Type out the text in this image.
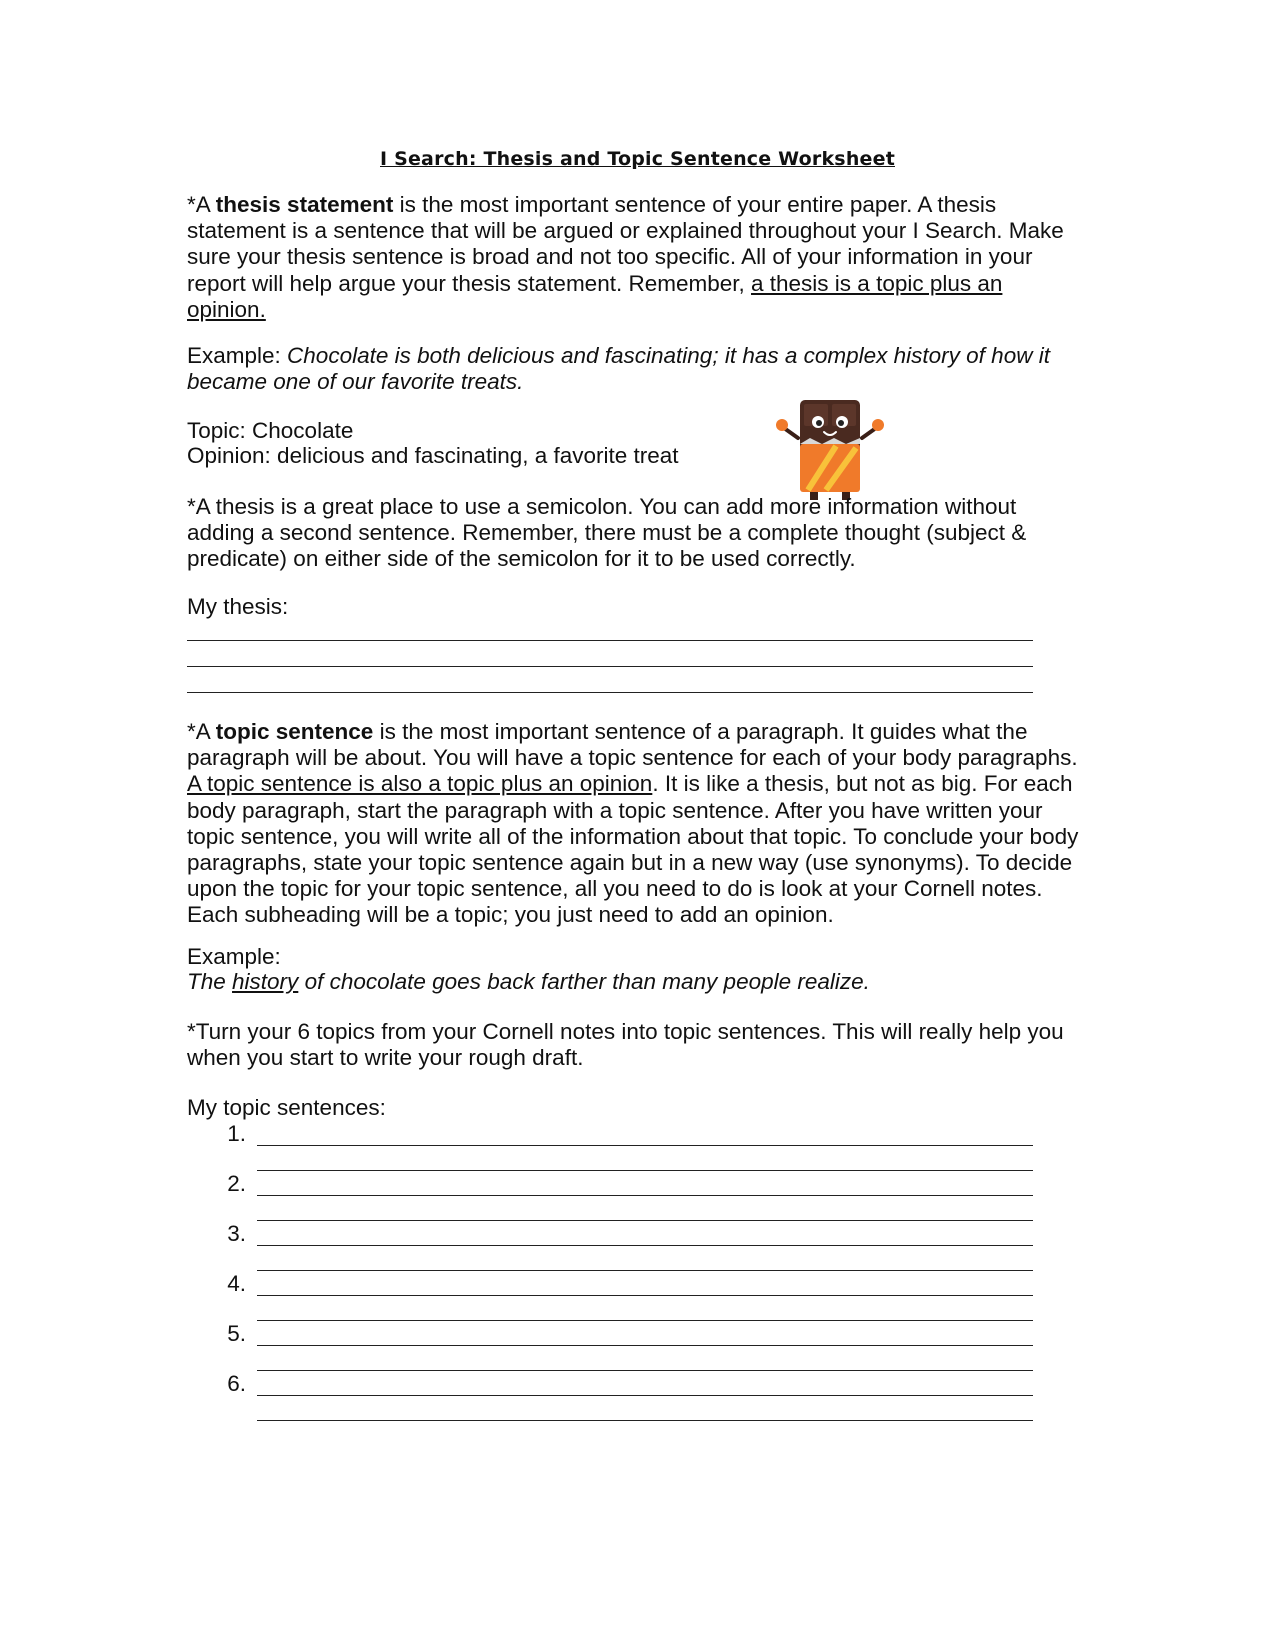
I Search: Thesis and Topic Sentence Worksheet

*A thesis statement is the most important sentence of your entire paper. A thesis statement is a sentence that will be argued or explained throughout your I Search. Make sure your thesis sentence is broad and not too specific. All of your information in your report will help argue your thesis statement. Remember, a thesis is a topic plus an opinion.

Example: Chocolate is both delicious and fascinating; it has a complex history of how it became one of our favorite treats.

Topic: Chocolate

Opinion: delicious and fascinating, a favorite treat

*A thesis is a great place to use a semicolon. You can add more information without adding a second sentence. Remember, there must be a complete thought (subject & predicate) on either side of the semicolon for it to be used correctly.

My thesis:

*A topic sentence is the most important sentence of a paragraph. It guides what the paragraph will be about. You will have a topic sentence for each of your body paragraphs. A topic sentence is also a topic plus an opinion. It is like a thesis, but not as big. For each body paragraph, start the paragraph with a topic sentence. After you have written your topic sentence, you will write all of the information about that topic. To conclude your body paragraphs, state your topic sentence again but in a new way (use synonyms). To decide upon the topic for your topic sentence, all you need to do is look at your Cornell notes. Each subheading will be a topic; you just need to add an opinion.

Example:

The history of chocolate goes back farther than many people realize.

*Turn your 6 topics from your Cornell notes into topic sentences. This will really help you when you start to write your rough draft.

My topic sentences:

1.
2.
3.
4.
5.
6.
